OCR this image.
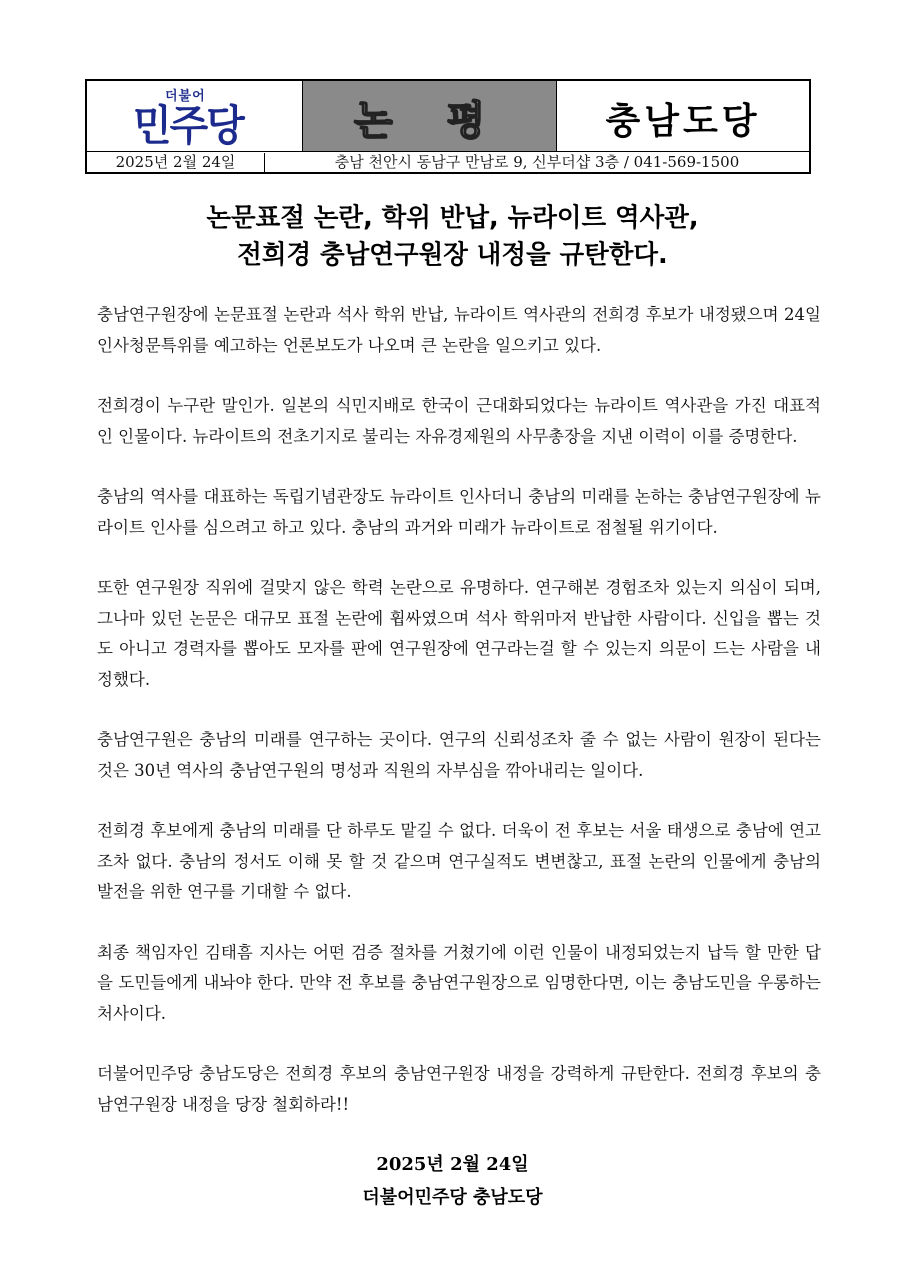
더불어
민주당	논 평	충남도당
2025년 2월 24일	충남 천안시 동남구 만남로 9, 신부더샵 3층 / 041-569-1500
논문표절 논란, 학위 반납, 뉴라이트 역사관,
전희경 충남연구원장 내정을 규탄한다.

충남연구원장에 논문표절 논란과 석사 학위 반납, 뉴라이트 역사관의 전희경 후보가 내정됐으며 24일 인사청문특위를 예고하는 언론보도가 나오며 큰 논란을 일으키고 있다.

전희경이 누구란 말인가. 일본의 식민지배로 한국이 근대화되었다는 뉴라이트 역사관을 가진 대표적인 인물이다. 뉴라이트의 전초기지로 불리는 자유경제원의 사무총장을 지낸 이력이 이를 증명한다.

충남의 역사를 대표하는 독립기념관장도 뉴라이트 인사더니 충남의 미래를 논하는 충남연구원장에 뉴라이트 인사를 심으려고 하고 있다. 충남의 과거와 미래가 뉴라이트로 점철될 위기이다.

또한 연구원장 직위에 걸맞지 않은 학력 논란으로 유명하다. 연구해본 경험조차 있는지 의심이 되며, 그나마 있던 논문은 대규모 표절 논란에 휩싸였으며 석사 학위마저 반납한 사람이다. 신입을 뽑는 것도 아니고 경력자를 뽑아도 모자를 판에 연구원장에 연구라는걸 할 수 있는지 의문이 드는 사람을 내정했다.

충남연구원은 충남의 미래를 연구하는 곳이다. 연구의 신뢰성조차 줄 수 없는 사람이 원장이 된다는 것은 30년 역사의 충남연구원의 명성과 직원의 자부심을 깎아내리는 일이다.

전희경 후보에게 충남의 미래를 단 하루도 맡길 수 없다. 더욱이 전 후보는 서울 태생으로 충남에 연고조차 없다. 충남의 정서도 이해 못 할 것 같으며 연구실적도 변변찮고, 표절 논란의 인물에게 충남의 발전을 위한 연구를 기대할 수 없다.

최종 책임자인 김태흠 지사는 어떤 검증 절차를 거쳤기에 이런 인물이 내정되었는지 납득 할 만한 답을 도민들에게 내놔야 한다. 만약 전 후보를 충남연구원장으로 임명한다면, 이는 충남도민을 우롱하는 처사이다.

더불어민주당 충남도당은 전희경 후보의 충남연구원장 내정을 강력하게 규탄한다. 전희경 후보의 충남연구원장 내정을 당장 철회하라!!

2025년 2월 24일
더불어민주당 충남도당
